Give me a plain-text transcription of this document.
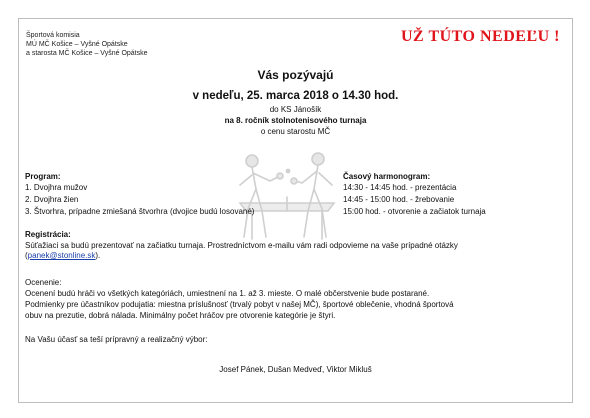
Športová komisia
MÚ MČ Košice – Vyšné Opátske
a starosta MČ Košice – Vyšné Opátske
UŽ TÚTO NEDEĽU !
Vás pozývajú
v nedeľu, 25. marca 2018 o 14.30 hod.
do KS Jánošík
na 8. ročník stolnotenisového turnaja
o cenu starostu MČ
Program:
1. Dvojhra mužov
2. Dvojhra žien
3. Štvorhra, prípadne zmiešaná štvorhra (dvojice budú losované)
Časový harmonogram:
14:30 - 14:45 hod. - prezentácia
14:45 - 15:00 hod. - žrebovanie
15:00 hod. - otvorenie a začiatok turnaja
Registrácia:
Súťažiaci sa budú prezentovať na začiatku turnaja. Prostredníctvom e-mailu vám radi odpovieme na vaše prípadné otázky
(panek@stonline.sk).
Ocenenie:
Ocenení budú hráči vo všetkých kategóriách, umiestnení na 1. až 3. mieste. O malé občerstvenie bude postarané.
Podmienky pre účastníkov podujatia: miestna príslušnosť (trvalý pobyt v našej MČ), športové oblečenie, vhodná športová
obuv na prezutie, dobrá nálada. Minimálny počet hráčov pre otvorenie kategórie je štyri.
Na Vašu účasť sa teší prípravný a realizačný výbor:
Josef Pánek, Dušan Medveď, Viktor Mikluš
